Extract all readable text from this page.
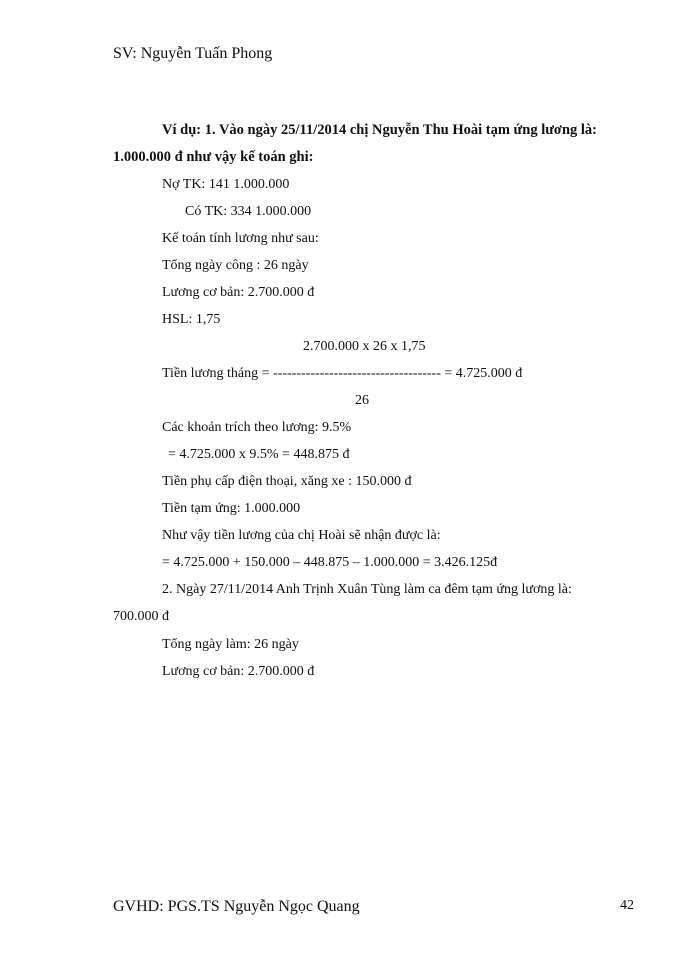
SV: Nguyễn Tuấn Phong
Ví dụ: 1. Vào ngày 25/11/2014 chị Nguyễn Thu Hoài tạm ứng lương là:
1.000.000 đ như vậy kế toán ghi:
Nợ TK: 141 1.000.000
Có TK: 334 1.000.000
Kế toán tính lương như sau:
Tổng ngày công : 26 ngày
Lương cơ bản: 2.700.000 đ
HSL: 1,75
2.700.000 x 26 x 1,75
Tiền lương tháng = ------------------------------------ = 4.725.000 đ
26
Các khoản trích theo lương: 9.5%
= 4.725.000 x 9.5% = 448.875 đ
Tiền phụ cấp điện thoại, xăng xe : 150.000 đ
Tiền tạm ứng: 1.000.000
Như vậy tiền lương của chị Hoài sẽ nhận được là:
= 4.725.000 + 150.000 – 448.875 – 1.000.000 = 3.426.125đ
2. Ngày 27/11/2014 Anh Trịnh Xuân Tùng làm ca đêm tạm ứng lương là:
700.000 đ
Tổng ngày làm: 26 ngày
Lương cơ bản: 2.700.000 đ
GVHD: PGS.TS Nguyễn Ngọc Quang	42
